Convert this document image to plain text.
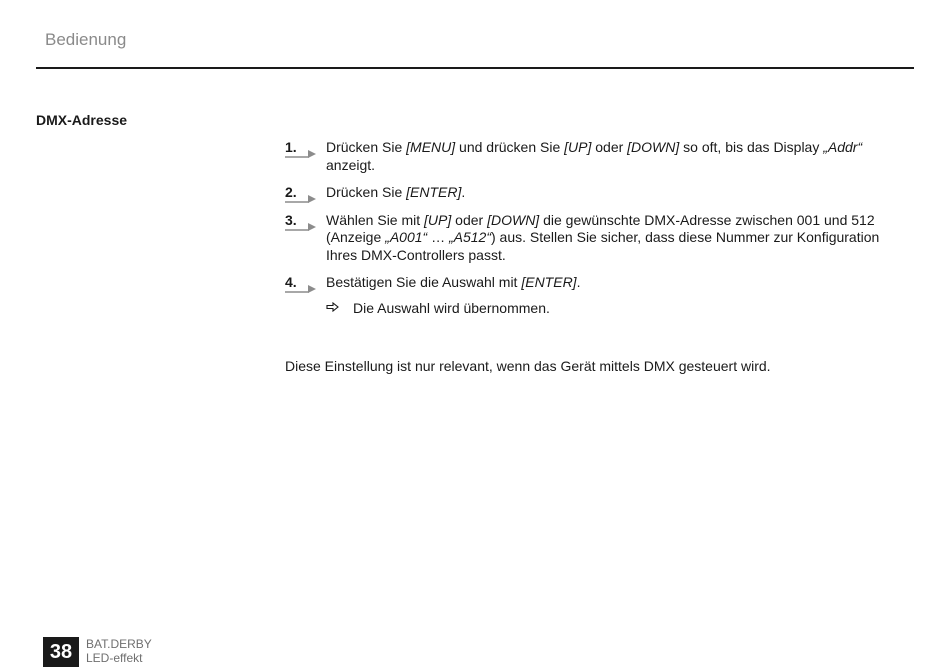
Bedienung
DMX-Adresse
1. Drücken Sie [MENU] und drücken Sie [UP] oder [DOWN] so oft, bis das Display „Addr“ anzeigt.
2. Drücken Sie [ENTER].
3. Wählen Sie mit [UP] oder [DOWN] die gewünschte DMX-Adresse zwischen 001 und 512 (Anzeige „A001“ … „A512“) aus. Stellen Sie sicher, dass diese Nummer zur Konfiguration Ihres DMX-Controllers passt.
4. Bestätigen Sie die Auswahl mit [ENTER].
Die Auswahl wird übernommen.
Diese Einstellung ist nur relevant, wenn das Gerät mittels DMX gesteuert wird.
38	BAT.DERBY
LED-effekt
